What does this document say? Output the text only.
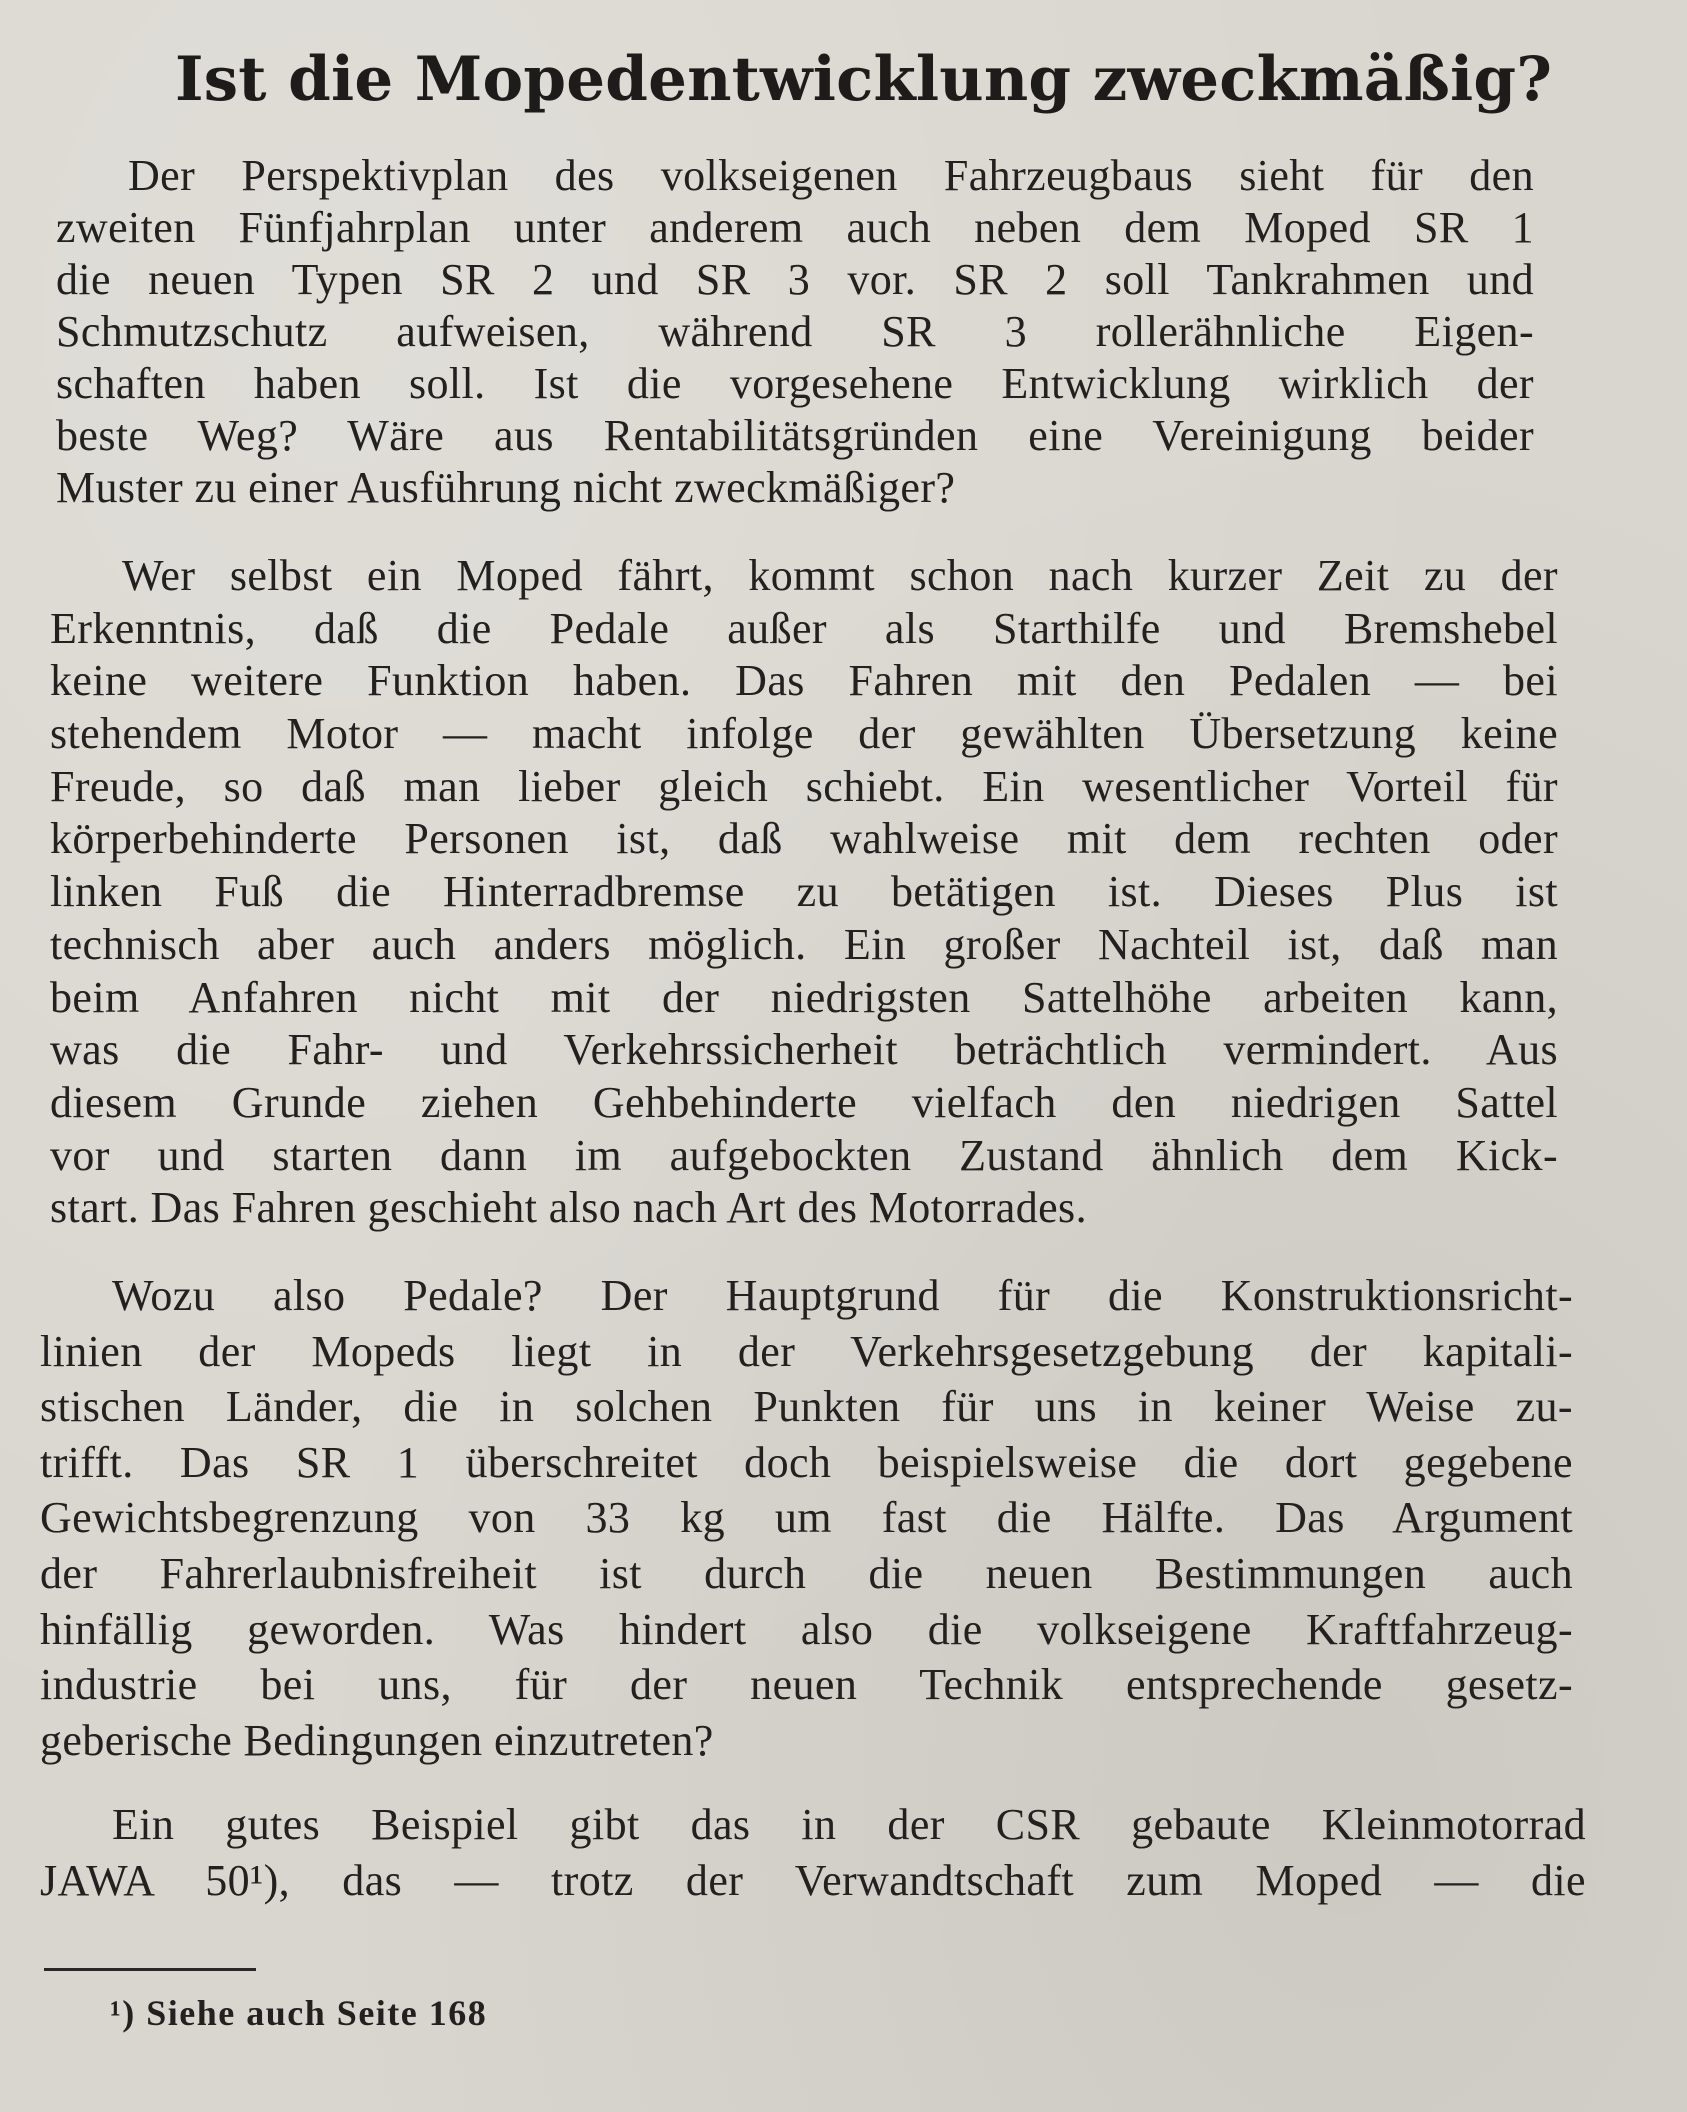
Ist die Mopedentwicklung zweckmäßig?
Der Perspektivplan des volkseigenen Fahrzeugbaus sieht für den
zweiten Fünfjahrplan unter anderem auch neben dem Moped SR 1
die neuen Typen SR 2 und SR 3 vor. SR 2 soll Tankrahmen und
Schmutzschutz aufweisen, während SR 3 rollerähnliche Eigen-
schaften haben soll. Ist die vorgesehene Entwicklung wirklich der
beste Weg? Wäre aus Rentabilitätsgründen eine Vereinigung beider
Muster zu einer Ausführung nicht zweckmäßiger?
Wer selbst ein Moped fährt, kommt schon nach kurzer Zeit zu der
Erkenntnis, daß die Pedale außer als Starthilfe und Bremshebel
keine weitere Funktion haben. Das Fahren mit den Pedalen — bei
stehendem Motor — macht infolge der gewählten Übersetzung keine
Freude, so daß man lieber gleich schiebt. Ein wesentlicher Vorteil für
körperbehinderte Personen ist, daß wahlweise mit dem rechten oder
linken Fuß die Hinterradbremse zu betätigen ist. Dieses Plus ist
technisch aber auch anders möglich. Ein großer Nachteil ist, daß man
beim Anfahren nicht mit der niedrigsten Sattelhöhe arbeiten kann,
was die Fahr- und Verkehrssicherheit beträchtlich vermindert. Aus
diesem Grunde ziehen Gehbehinderte vielfach den niedrigen Sattel
vor und starten dann im aufgebockten Zustand ähnlich dem Kick-
start. Das Fahren geschieht also nach Art des Motorrades.
Wozu also Pedale? Der Hauptgrund für die Konstruktionsricht-
linien der Mopeds liegt in der Verkehrsgesetzgebung der kapitali-
stischen Länder, die in solchen Punkten für uns in keiner Weise zu-
trifft. Das SR 1 überschreitet doch beispielsweise die dort gegebene
Gewichtsbegrenzung von 33 kg um fast die Hälfte. Das Argument
der Fahrerlaubnisfreiheit ist durch die neuen Bestimmungen auch
hinfällig geworden. Was hindert also die volkseigene Kraftfahrzeug-
industrie bei uns, für der neuen Technik entsprechende gesetz-
geberische Bedingungen einzutreten?
Ein gutes Beispiel gibt das in der CSR gebaute Kleinmotorrad
JAWA 50¹), das — trotz der Verwandtschaft zum Moped — die

¹) Siehe auch Seite 168
